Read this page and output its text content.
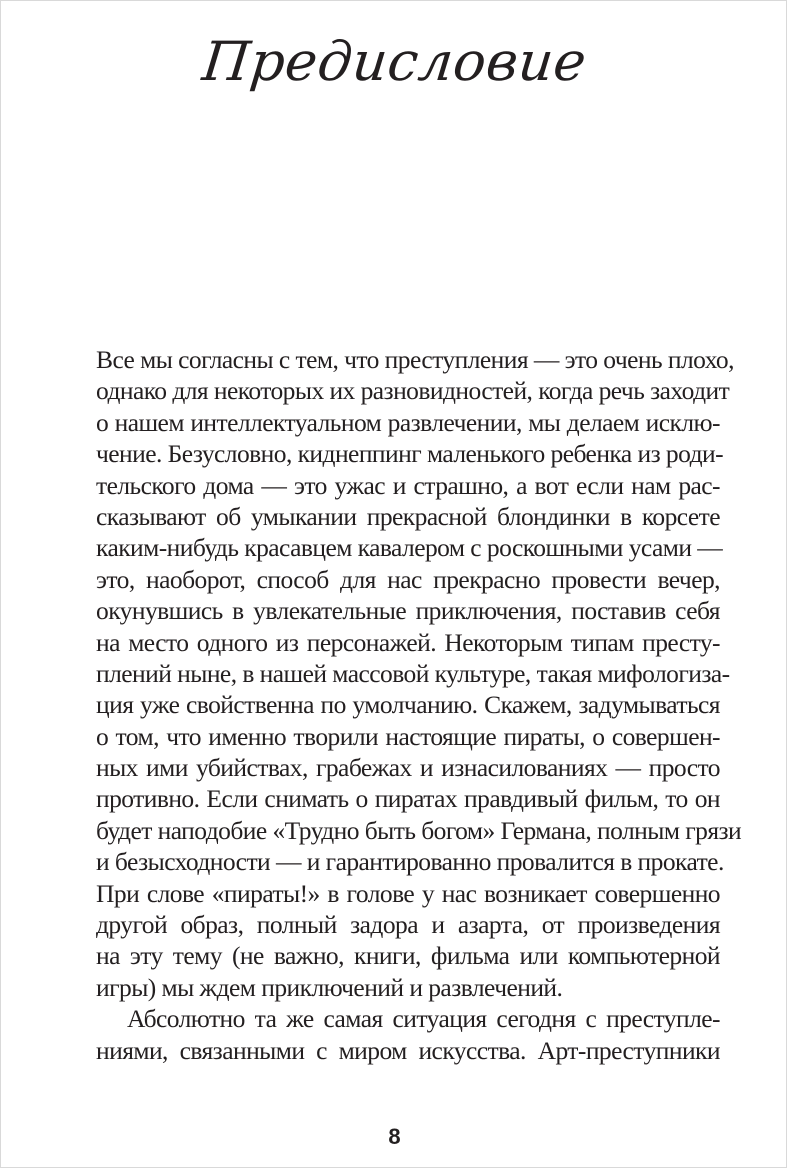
Предисловие
Все мы согласны с тем, что преступления — это очень плохо,
однако для некоторых их разновидностей, когда речь заходит
о нашем интеллектуальном развлечении, мы делаем исклю-
чение. Безусловно, киднеппинг маленького ребенка из роди-
тельского дома — это ужас и страшно, а вот если нам рас-
сказывают об умыкании прекрасной блондинки в корсете
каким-нибудь красавцем кавалером с роскошными усами —
это, наоборот, способ для нас прекрасно провести вечер,
окунувшись в увлекательные приключения, поставив себя
на место одного из персонажей. Некоторым типам престу-
плений ныне, в нашей массовой культуре, такая мифологиза-
ция уже свойственна по умолчанию. Скажем, задумываться
о том, что именно творили настоящие пираты, о совершен-
ных ими убийствах, грабежах и изнасилованиях — просто
противно. Если снимать о пиратах правдивый фильм, то он
будет наподобие «Трудно быть богом» Германа, полным грязи
и безысходности — и гарантированно провалится в прокате.
При слове «пираты!» в голове у нас возникает совершенно
другой образ, полный задора и азарта, от произведения
на эту тему (не важно, книги, фильма или компьютерной
игры) мы ждем приключений и развлечений.
Абсолютно та же самая ситуация сегодня с преступле-
ниями, связанными с миром искусства. Арт-преступники
8
